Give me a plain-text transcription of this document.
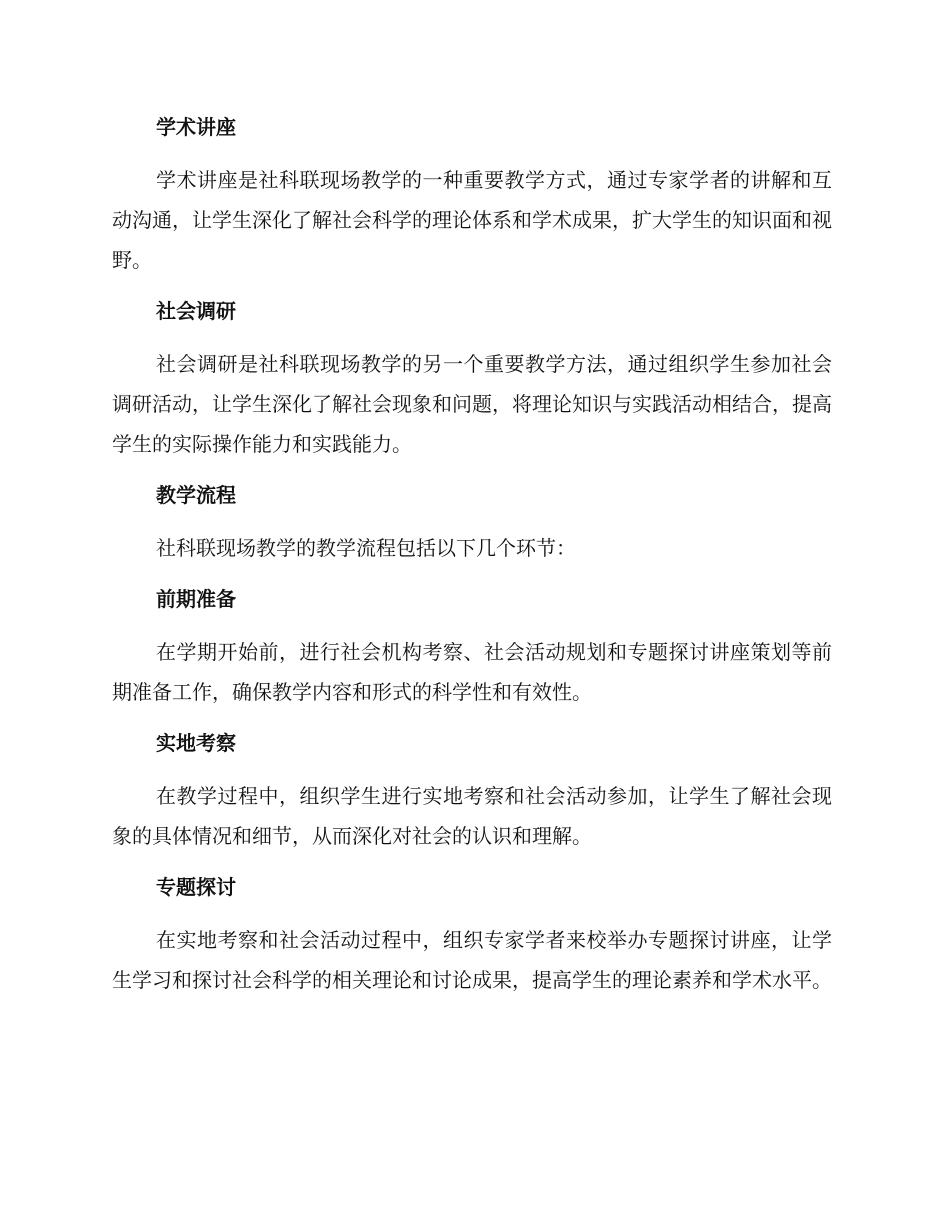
学术讲座

学术讲座是社科联现场教学的一种重要教学方式，通过专家学者的讲解和互动沟通，让学生深化了解社会科学的理论体系和学术成果，扩大学生的知识面和视野。

社会调研

社会调研是社科联现场教学的另一个重要教学方法，通过组织学生参加社会调研活动，让学生深化了解社会现象和问题，将理论知识与实践活动相结合，提高学生的实际操作能力和实践能力。

教学流程

社科联现场教学的教学流程包括以下几个环节：

前期准备

在学期开始前，进行社会机构考察、社会活动规划和专题探讨讲座策划等前期准备工作，确保教学内容和形式的科学性和有效性。

实地考察

在教学过程中，组织学生进行实地考察和社会活动参加，让学生了解社会现象的具体情况和细节，从而深化对社会的认识和理解。

专题探讨

在实地考察和社会活动过程中，组织专家学者来校举办专题探讨讲座，让学生学习和探讨社会科学的相关理论和讨论成果，提高学生的理论素养和学术水平。
